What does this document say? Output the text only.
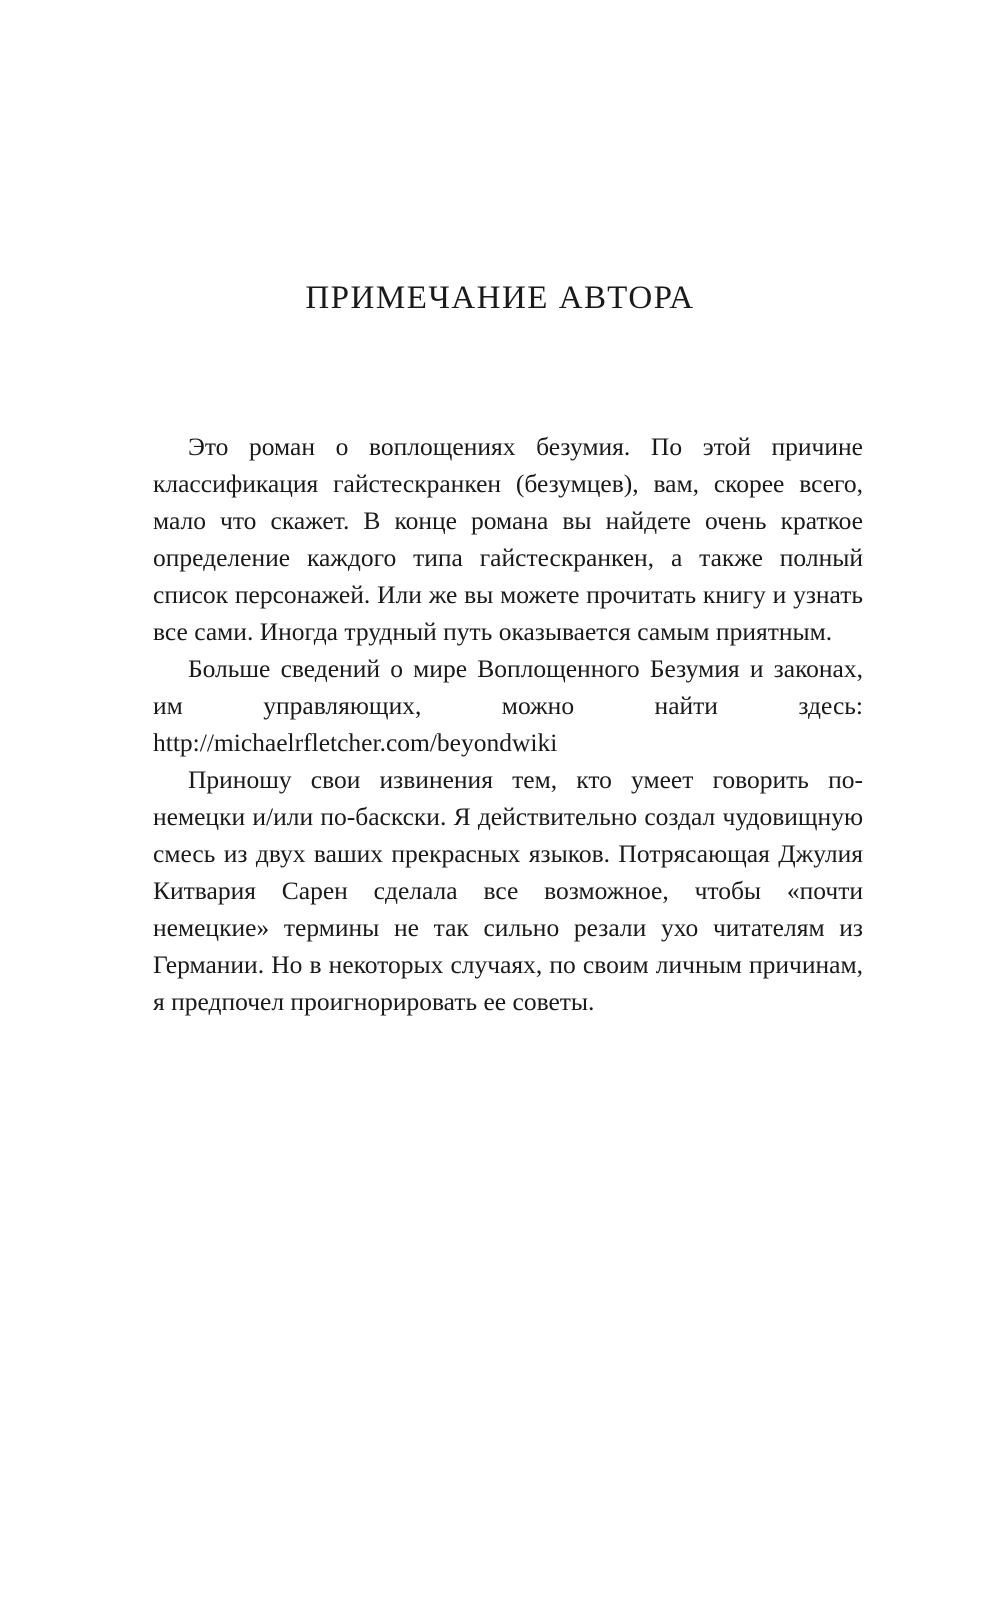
ПРИМЕЧАНИЕ АВТОРА

Это роман о воплощениях безумия. По этой причине классификация гайстескранкен (безумцев), вам, скорее всего, мало что скажет. В конце романа вы найдете очень краткое определение каждого типа гайстескранкен, а также полный список персонажей. Или же вы можете прочитать книгу и узнать все сами. Иногда трудный путь оказывается самым приятным.

Больше сведений о мире Воплощенного Безумия и законах, им управляющих, можно найти здесь: http://michaelrfletcher.com/beyondwiki

Приношу свои извинения тем, кто умеет говорить по-немецки и/или по-баскски. Я действительно создал чудовищную смесь из двух ваших прекрасных языков. Потрясающая Джулия Китвария Сарен сделала все возможное, чтобы «почти немецкие» термины не так сильно резали ухо читателям из Германии. Но в некоторых случаях, по своим личным причинам, я предпочел проигнорировать ее советы.
